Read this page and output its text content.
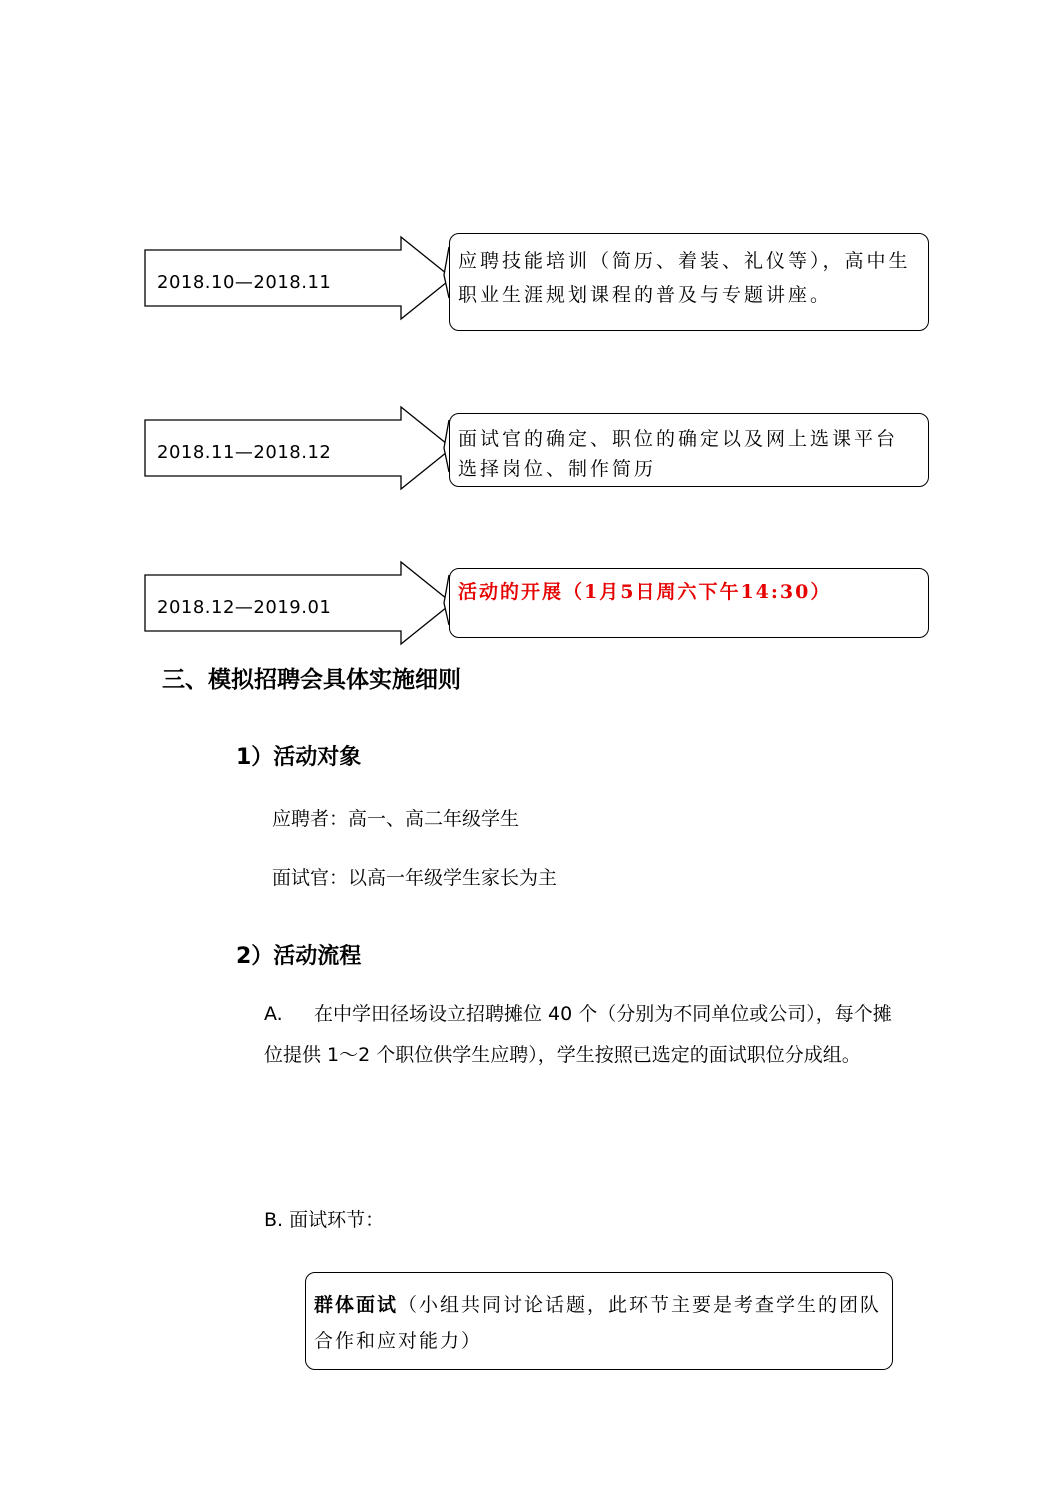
2018.10—2018.11
应聘技能培训（简历、着装、礼仪等），高中生职业生涯规划课程的普及与专题讲座。
2018.11—2018.12
面试官的确定、职位的确定以及网上选课平台选择岗位、制作简历
2018.12—2019.01
活动的开展（1月5日周六下午14:30）
三、模拟招聘会具体实施细则
1）活动对象
应聘者：高一、高二年级学生
面试官：以高一年级学生家长为主
2）活动流程
A. 在中学田径场设立招聘摊位 40 个（分别为不同单位或公司），每个摊位提供 1～2 个职位供学生应聘），学生按照已选定的面试职位分成组。
B. 面试环节：
群体面试（小组共同讨论话题，此环节主要是考查学生的团队合作和应对能力）
